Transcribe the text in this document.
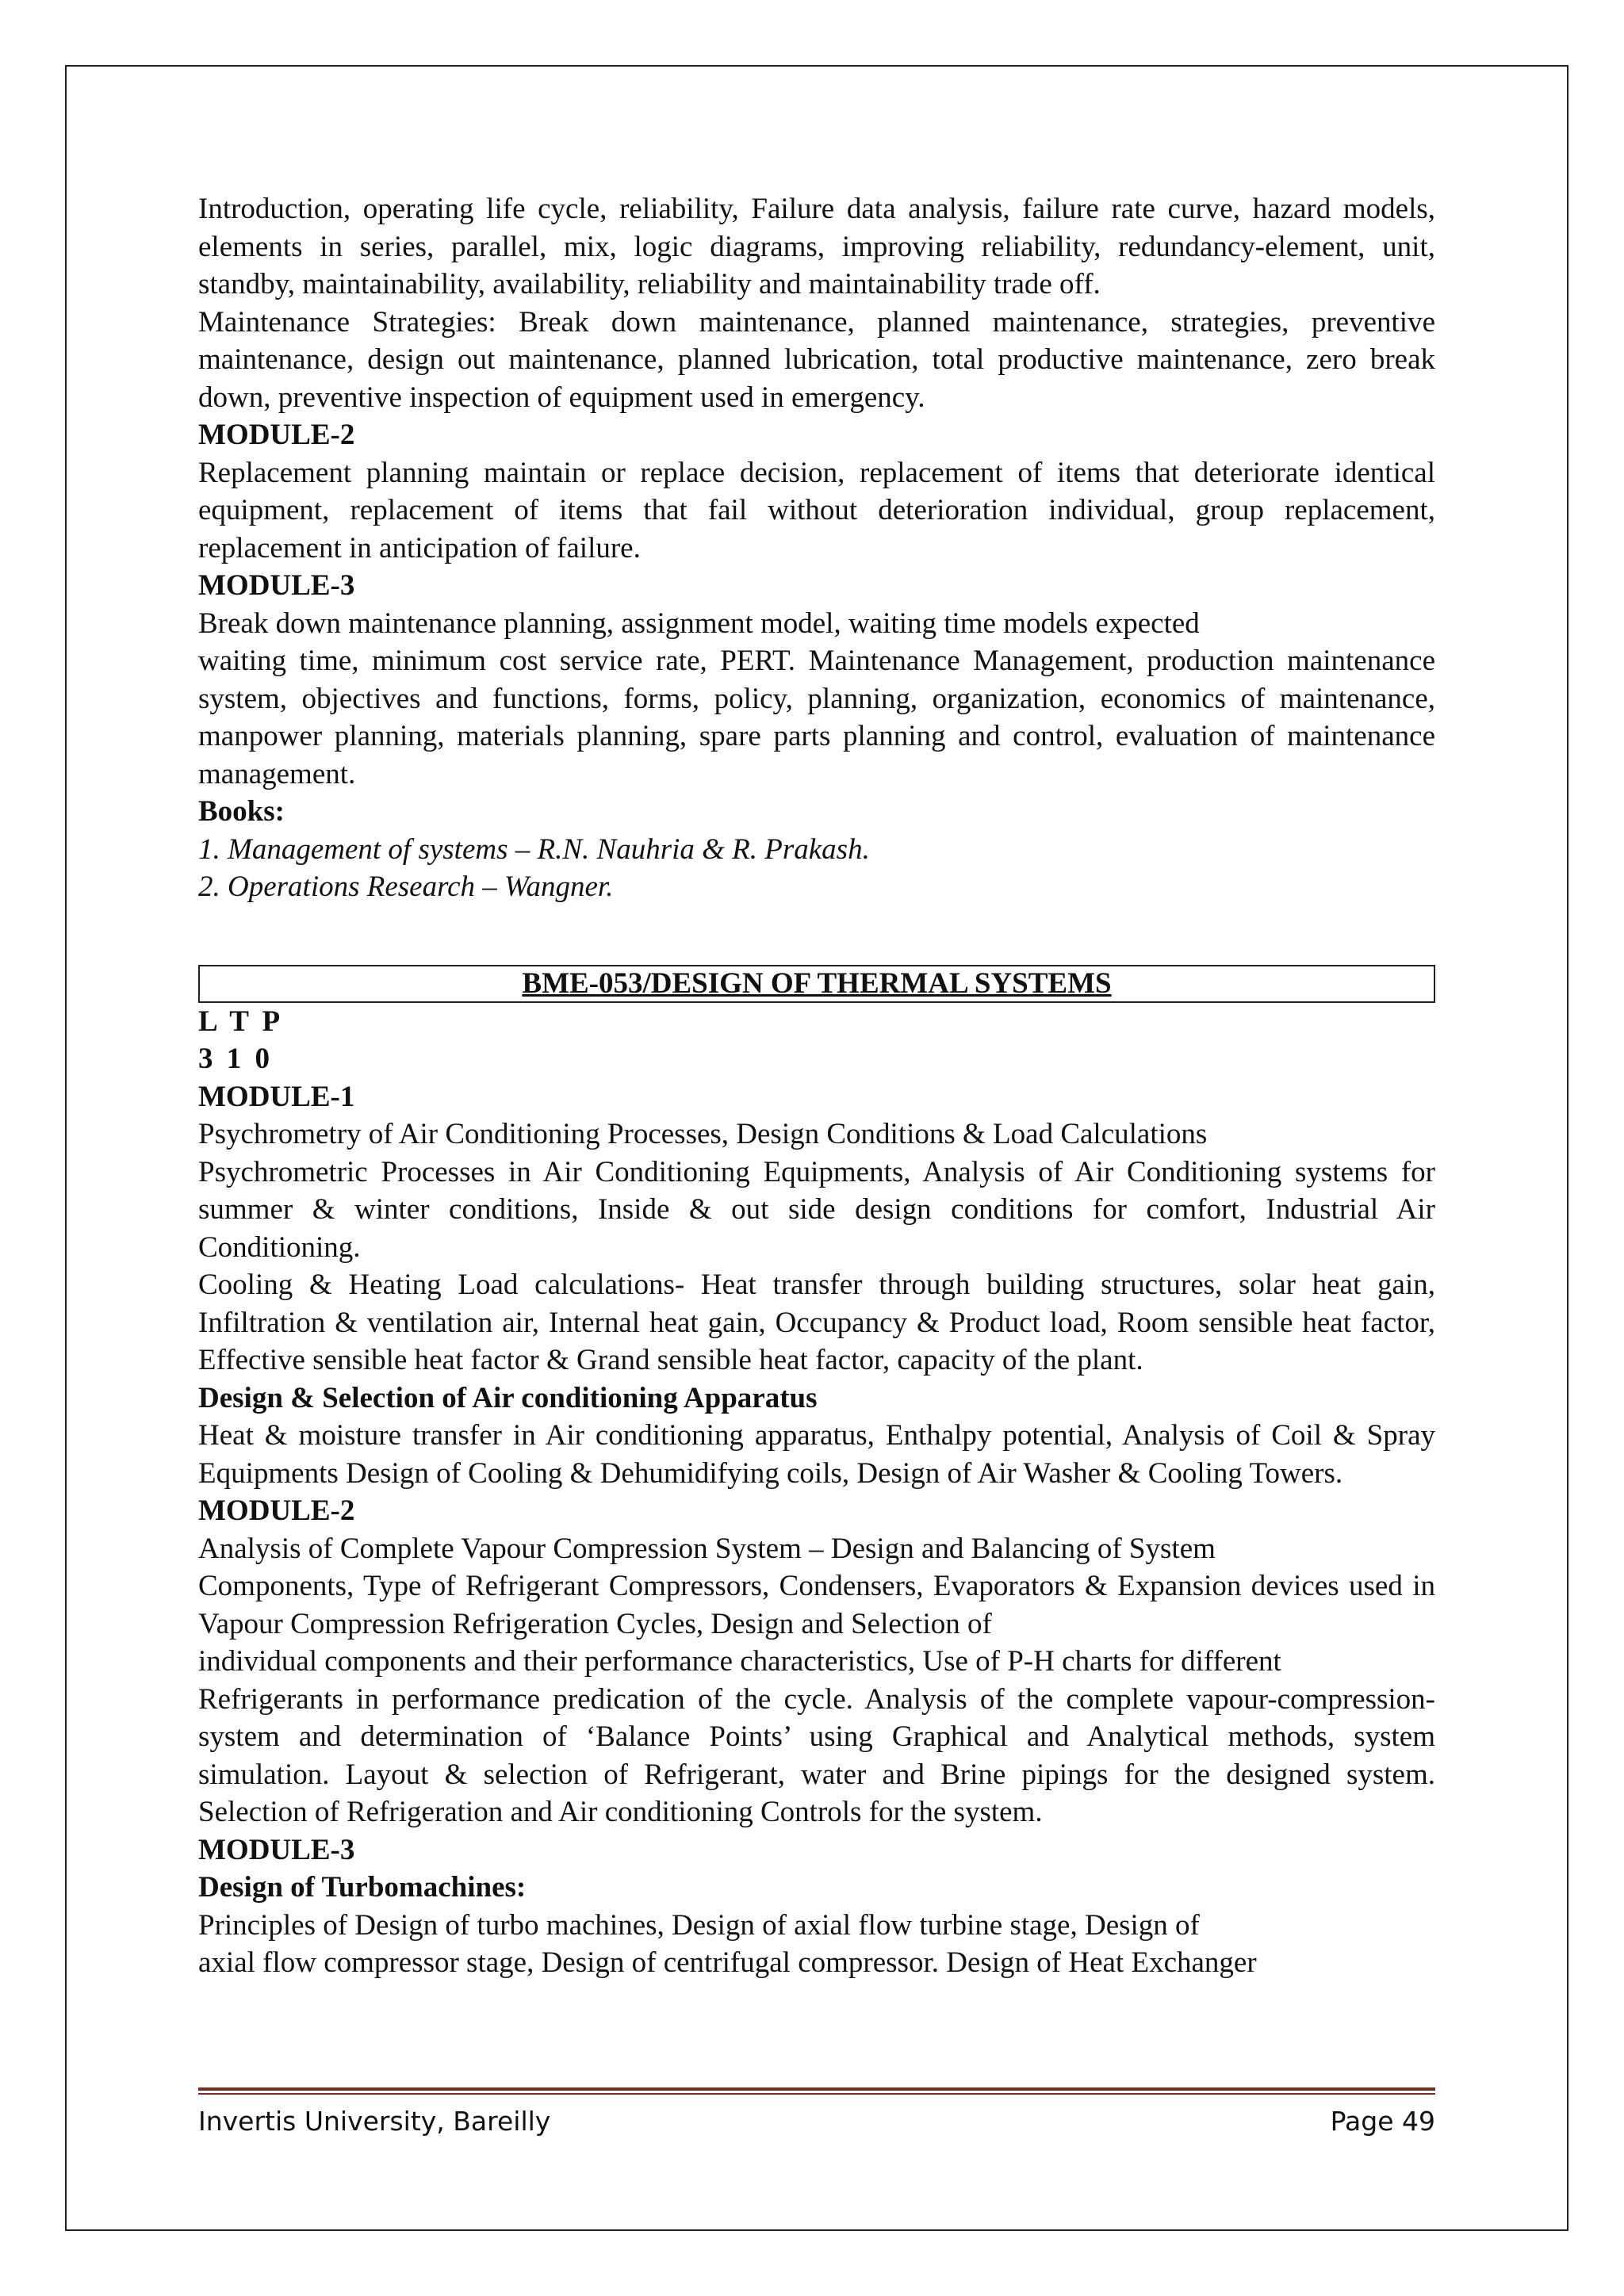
Introduction, operating life cycle, reliability, Failure data analysis, failure rate curve, hazard models, elements in series, parallel, mix, logic diagrams, improving reliability, redundancy-element, unit, standby, maintainability, availability, reliability and maintainability trade off.

Maintenance Strategies: Break down maintenance, planned maintenance, strategies, preventive maintenance, design out maintenance, planned lubrication, total productive maintenance, zero break down, preventive inspection of equipment used in emergency.

MODULE-2

Replacement planning maintain or replace decision, replacement of items that deteriorate identical equipment, replacement of items that fail without deterioration individual, group replacement, replacement in anticipation of failure.

MODULE-3

Break down maintenance planning, assignment model, waiting time models expected

waiting time, minimum cost service rate, PERT. Maintenance Management, production maintenance system, objectives and functions, forms, policy, planning, organization, economics of maintenance, manpower planning, materials planning, spare parts planning and control, evaluation of maintenance management.

Books:

1. Management of systems – R.N. Nauhria & R. Prakash.

2. Operations Research – Wangner.

BME-053/DESIGN OF THERMAL SYSTEMS

L T P

3 1 0

MODULE-1

Psychrometry of Air Conditioning Processes, Design Conditions & Load Calculations

Psychrometric Processes in Air Conditioning Equipments, Analysis of Air Conditioning systems for summer & winter conditions, Inside & out side design conditions for comfort, Industrial Air Conditioning.

Cooling & Heating Load calculations- Heat transfer through building structures, solar heat gain, Infiltration & ventilation air, Internal heat gain, Occupancy & Product load, Room sensible heat factor, Effective sensible heat factor & Grand sensible heat factor, capacity of the plant.

Design & Selection of Air conditioning Apparatus

Heat & moisture transfer in Air conditioning apparatus, Enthalpy potential, Analysis of Coil & Spray Equipments Design of Cooling & Dehumidifying coils, Design of Air Washer & Cooling Towers.

MODULE-2

Analysis of Complete Vapour Compression System – Design and Balancing of System

Components, Type of Refrigerant Compressors, Condensers, Evaporators & Expansion devices used in Vapour Compression Refrigeration Cycles, Design and Selection of

individual components and their performance characteristics, Use of P-H charts for different

Refrigerants in performance predication of the cycle. Analysis of the complete vapour-compression-system and determination of ‘Balance Points’ using Graphical and Analytical methods, system simulation. Layout & selection of Refrigerant, water and Brine pipings for the designed system. Selection of Refrigeration and Air conditioning Controls for the system.

MODULE-3

Design of Turbomachines:

Principles of Design of turbo machines, Design of axial flow turbine stage, Design of

axial flow compressor stage, Design of centrifugal compressor. Design of Heat Exchanger

Invertis University, Bareilly	Page 49
